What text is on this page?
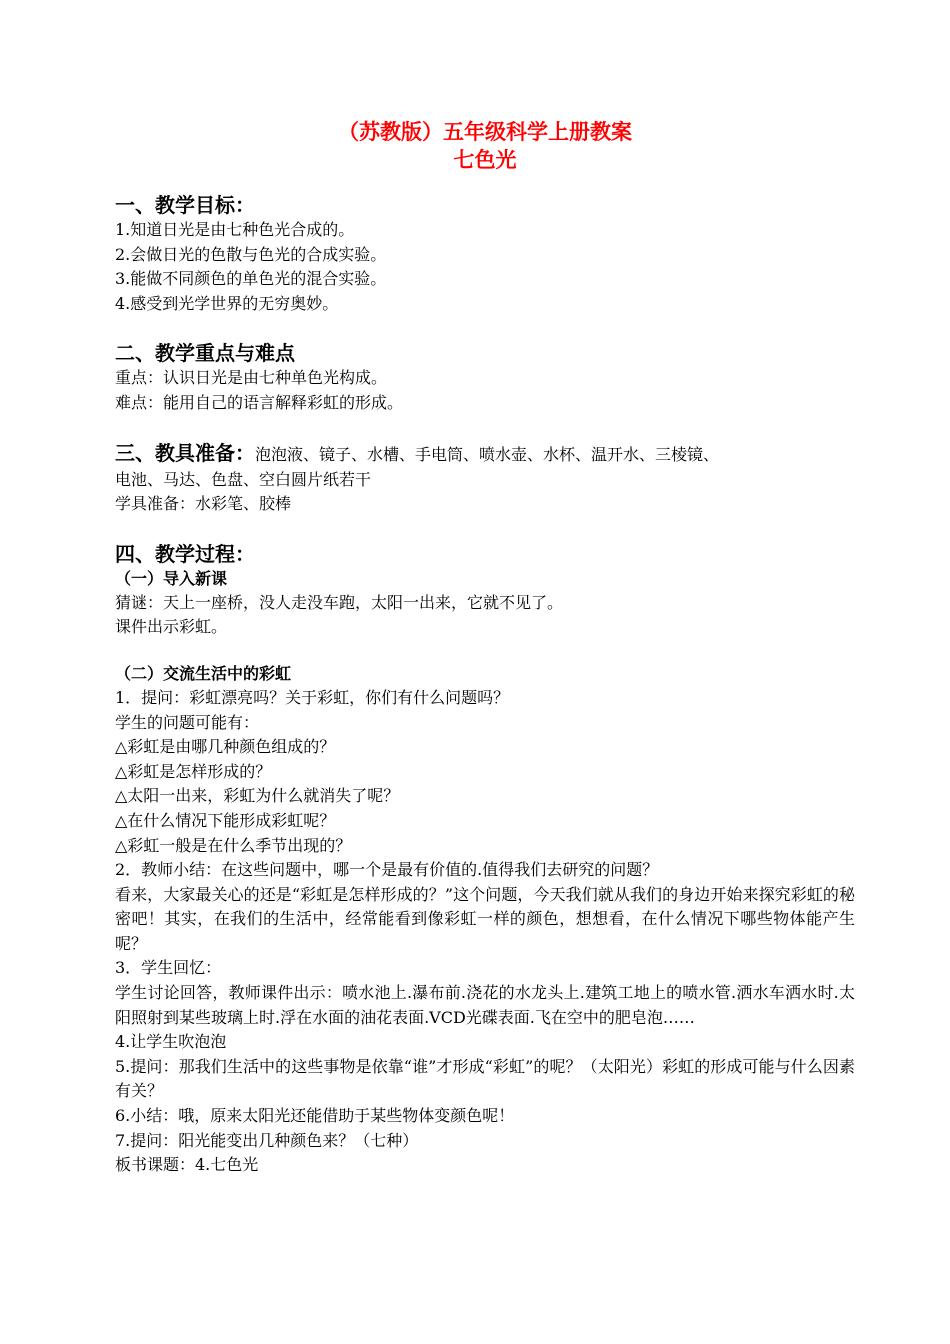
（苏教版）五年级科学上册教案

七色光

一、教学目标：

1.知道日光是由七种色光合成的。

2.会做日光的色散与色光的合成实验。

3.能做不同颜色的单色光的混合实验。

4.感受到光学世界的无穷奥妙。

二、教学重点与难点

重点：认识日光是由七种单色光构成。

难点：能用自己的语言解释彩虹的形成。

三、教具准备：泡泡液、镜子、水槽、手电筒、喷水壶、水杯、温开水、三棱镜、

电池、马达、色盘、空白圆片纸若干

学具准备：水彩笔、胶棒

四、教学过程：

（一）导入新课

猜谜：天上一座桥，没人走没车跑，太阳一出来，它就不见了。

课件出示彩虹。

（二）交流生活中的彩虹

1．提问：彩虹漂亮吗？关于彩虹，你们有什么问题吗？

学生的问题可能有：

△彩虹是由哪几种颜色组成的？

△彩虹是怎样形成的？

△太阳一出来，彩虹为什么就消失了呢？

△在什么情况下能形成彩虹呢？

△彩虹一般是在什么季节出现的？

2．教师小结：在这些问题中，哪一个是最有价值的.值得我们去研究的问题？

看来，大家最关心的还是“彩虹是怎样形成的？”这个问题，今天我们就从我们的身边开始来探究彩虹的秘密吧！其实，在我们的生活中，经常能看到像彩虹一样的颜色，想想看，在什么情况下哪些物体能产生呢？

3．学生回忆：

学生讨论回答，教师课件出示：喷水池上.瀑布前.浇花的水龙头上.建筑工地上的喷水管.洒水车洒水时.太阳照射到某些玻璃上时.浮在水面的油花表面.VCD光碟表面.飞在空中的肥皂泡……

4.让学生吹泡泡

5.提问：那我们生活中的这些事物是依靠“谁”才形成“彩虹”的呢？（太阳光）彩虹的形成可能与什么因素有关？

6.小结：哦，原来太阳光还能借助于某些物体变颜色呢！

7.提问：阳光能变出几种颜色来？（七种）

板书课题：4.七色光
